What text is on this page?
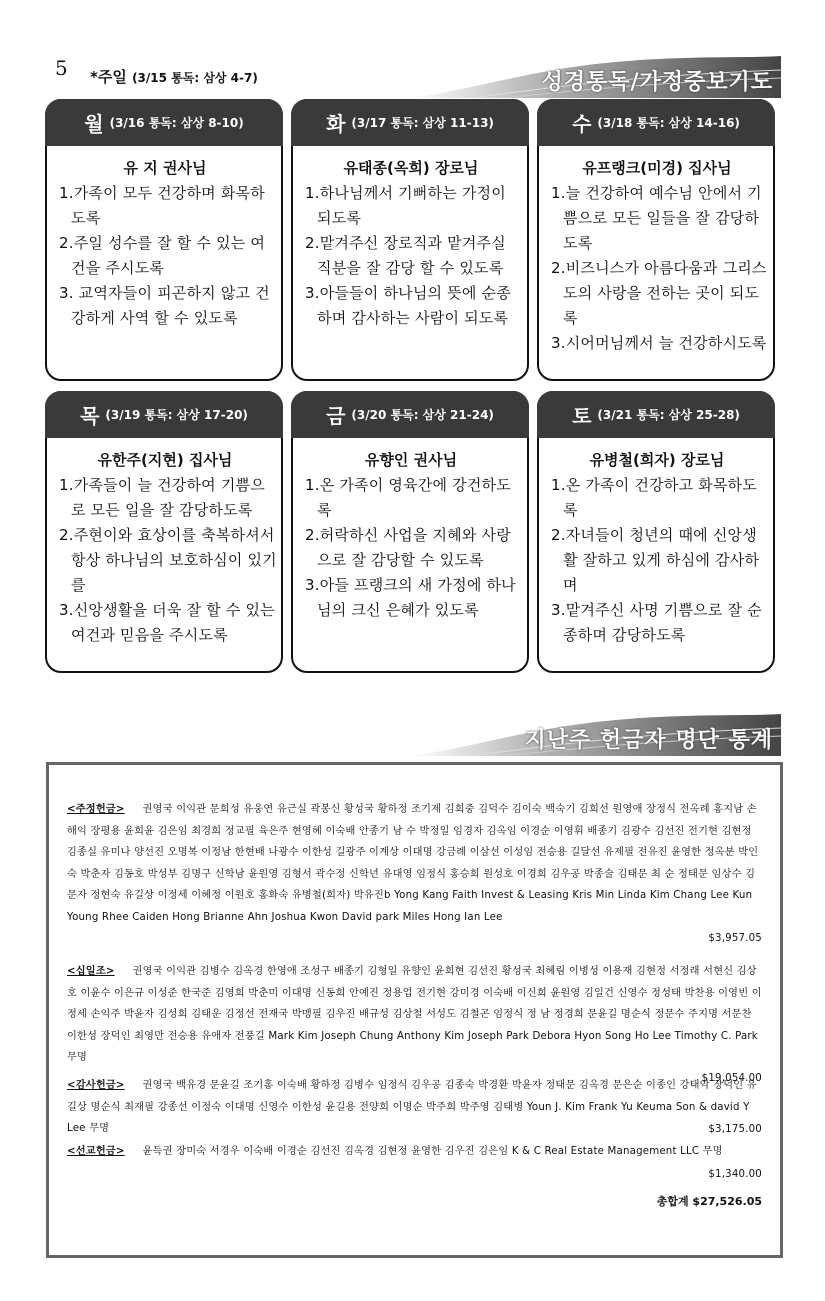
5 *주일 (3/15 통독: 삼상 4-7)	성경통독/가정중보기도
월 (3/16 통독: 삼상 8-10)
유 지 권사님
1.가족이 모두 건강하며 화목하도록
2.주일 성수를 잘 할 수 있는 여건을 주시도록
3. 교역자들이 피곤하지 않고 건강하게 사역 할 수 있도록
화 (3/17 통독: 삼상 11-13)
유태종(옥희) 장로님
1.하나님께서 기뻐하는 가정이 되도록
2.맡겨주신 장로직과 맡겨주실 직분을 잘 감당 할 수 있도록
3.아들들이 하나님의 뜻에 순종하며 감사하는 사람이 되도록
수 (3/18 통독: 삼상 14-16)
유프랭크(미경) 집사님
1.늘 건강하여 예수님 안에서 기쁨으로 모든 일들을 잘 감당하도록
2.비즈니스가 아름다움과 그리스도의 사랑을 전하는 곳이 되도록
3.시어머님께서 늘 건강하시도록
목 (3/19 통독: 삼상 17-20)
유한주(지현) 집사님
1.가족들이 늘 건강하여 기쁨으로 모든 일을 잘 감당하도록
2.주현이와 효상이를 축복하셔서 항상 하나님의 보호하심이 있기를
3.신앙생활을 더욱 잘 할 수 있는 여건과 믿음을 주시도록
금 (3/20 통독: 삼상 21-24)
유향인 권사님
1.온 가족이 영육간에 강건하도록
2.허락하신 사업을 지혜와 사랑으로 잘 감당할 수 있도록
3.아들 프랭크의 새 가정에 하나님의 크신 은혜가 있도록
토 (3/21 통독: 삼상 25-28)
유병철(희자) 장로님
1.온 가족이 건강하고 화목하도록
2.자녀들이 청년의 때에 신앙생활 잘하고 있게 하심에 감사하며
3.맡겨주신 사명 기쁨으로 잘 순종하며 감당하도록
지난주 헌금자 명단 통계
<주정헌금> 권영국 이익관 문희성 유웅연 유근실 곽봉신 황성국 황하정 조기제 김희중 김덕수 김이숙 백숙기 김희선 원영애 장정식 전옥례 홍지남 손해익 장평용 윤희윤 김은임 최경희 정교필 육은주 현영혜 이숙배 안종기 남 수 박정일 임경자 김옥임 이경순 이영휘 배종기 김광수 김선진 전기현 김현정 김종실 유미나 양선진 오명복 이정남 한현배 나광수 이한성 길광주 이계상 이대명 강금례 이삼선 이성임 전승용 길달선 유제필 전유진 윤영한 정옥분 박인숙 박춘자 김동호 박성부 김명구 신학남 윤원영 김형서 곽수정 신학년 유대영 임정식 홍승희 원성호 이경희 김우공 박종술 김태문 최 순 정태문 임상수 김문자 정현숙 유길상 이정세 이혜정 이원호 홍화숙 유병철(희자) 박유진b Yong Kang Faith Invest & Leasing Kris Min Linda Kim Chang Lee Kun Young Rhee Caiden Hong Brianne Ahn Joshua Kwon David park Miles Hong Ian Lee
$3,957.05
<십일조> 권영국 이익관 김병수 김옥경 한영애 조성구 배종기 김형일 유향인 윤희현 김선진 황성국 최혜림 이병성 이용재 김현정 서정래 서현신 김상호 이윤수 이은규 이성준 한국준 김영희 박춘미 이대명 신동희 안예진 정용업 전기현 강미경 이숙배 이신희 윤원영 김일건 신영수 정성태 박찬용 이영빈 이정세 손익주 박윤자 김성희 김태운 김정선 전재국 박맹필 김우진 배규성 김상철 서성도 김철곤 임정식 정 남 정경희 문윤길 명순식 정문수 주지명 서문찬 이한성 장덕인 최영만 전승용 유애자 전풍길 Mark Kim Joseph Chung Anthony Kim Joseph Park Debora Hyon Song Ho Lee Timothy C. Park 무명
$19,054.00
<감사헌금> 권영국 백유경 문윤길 조기홍 이숙배 황하정 김병수 임정식 김우공 김종숙 박경환 박윤자 정태문 김옥경 문은순 이종인 강태악 장덕인 유길상 명순식 최재필 강종선 이정숙 이대명 신영수 이한성 윤길용 전양희 이명순 박주희 박주영 김태병 Youn J. Kim Frank Yu Keuma Son & david Y Lee 무명	$3,175.00
<선교헌금> 윤득권 장미숙 서경우 이숙배 이경순 김선진 김옥경 김현정 윤영한 김우진 김은임 K & C Real Estate Management LLC 무명
$1,340.00
총합계 $27,526.05
